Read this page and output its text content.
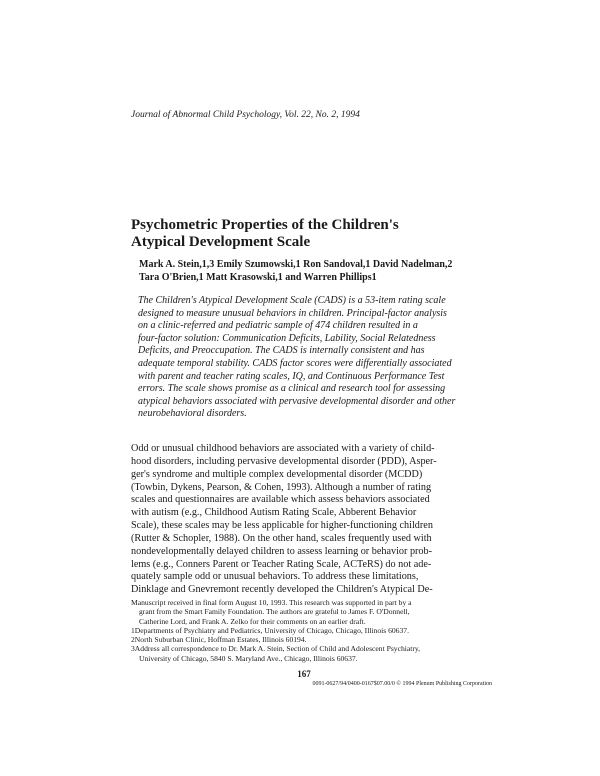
Journal of Abnormal Child Psychology, Vol. 22, No. 2, 1994
Psychometric Properties of the Children's
Atypical Development Scale
Mark A. Stein,1,3 Emily Szumowski,1 Ron Sandoval,1 David Nadelman,2
Tara O'Brien,1 Matt Krasowski,1 and Warren Phillips1
The Children's Atypical Development Scale (CADS) is a 53-item rating scale
designed to measure unusual behaviors in children. Principal-factor analysis
on a clinic-referred and pediatric sample of 474 children resulted in a
four-factor solution: Communication Deficits, Lability, Social Relatedness
Deficits, and Preoccupation. The CADS is internally consistent and has
adequate temporal stability. CADS factor scores were differentially associated
with parent and teacher rating scales, IQ, and Continuous Performance Test
errors. The scale shows promise as a clinical and research tool for assessing
atypical behaviors associated with pervasive developmental disorder and other
neurobehavioral disorders.
Odd or unusual childhood behaviors are associated with a variety of child-
hood disorders, including pervasive developmental disorder (PDD), Asper-
ger's syndrome and multiple complex developmental disorder (MCDD)
(Towbin, Dykens, Pearson, & Cohen, 1993). Although a number of rating
scales and questionnaires are available which assess behaviors associated
with autism (e.g., Childhood Autism Rating Scale, Abberent Behavior
Scale), these scales may be less applicable for higher-functioning children
(Rutter & Schopler, 1988). On the other hand, scales frequently used with
nondevelopmentally delayed children to assess learning or behavior prob-
lems (e.g., Conners Parent or Teacher Rating Scale, ACTeRS) do not ade-
quately sample odd or unusual behaviors. To address these limitations,
Dinklage and Gnevremont recently developed the Children's Atypical De-
Manuscript received in final form August 10, 1993. This research was supported in part by a
grant from the Smart Family Foundation. The authors are grateful to James F. O'Donnell,
Catherine Lord, and Frank A. Zelko for their comments on an earlier draft.
1Departments of Psychiatry and Pediatrics, University of Chicago, Chicago, Illinois 60637.
2North Suburban Clinic, Hoffman Estates, Illinois 60194.
3Address all correspondence to Dr. Mark A. Stein, Section of Child and Adolescent Psychiatry,
University of Chicago, 5840 S. Maryland Ave., Chicago, Illinois 60637.
167
0091-0627/94/0400-0167$07.00/0 © 1994 Plenum Publishing Corporation
